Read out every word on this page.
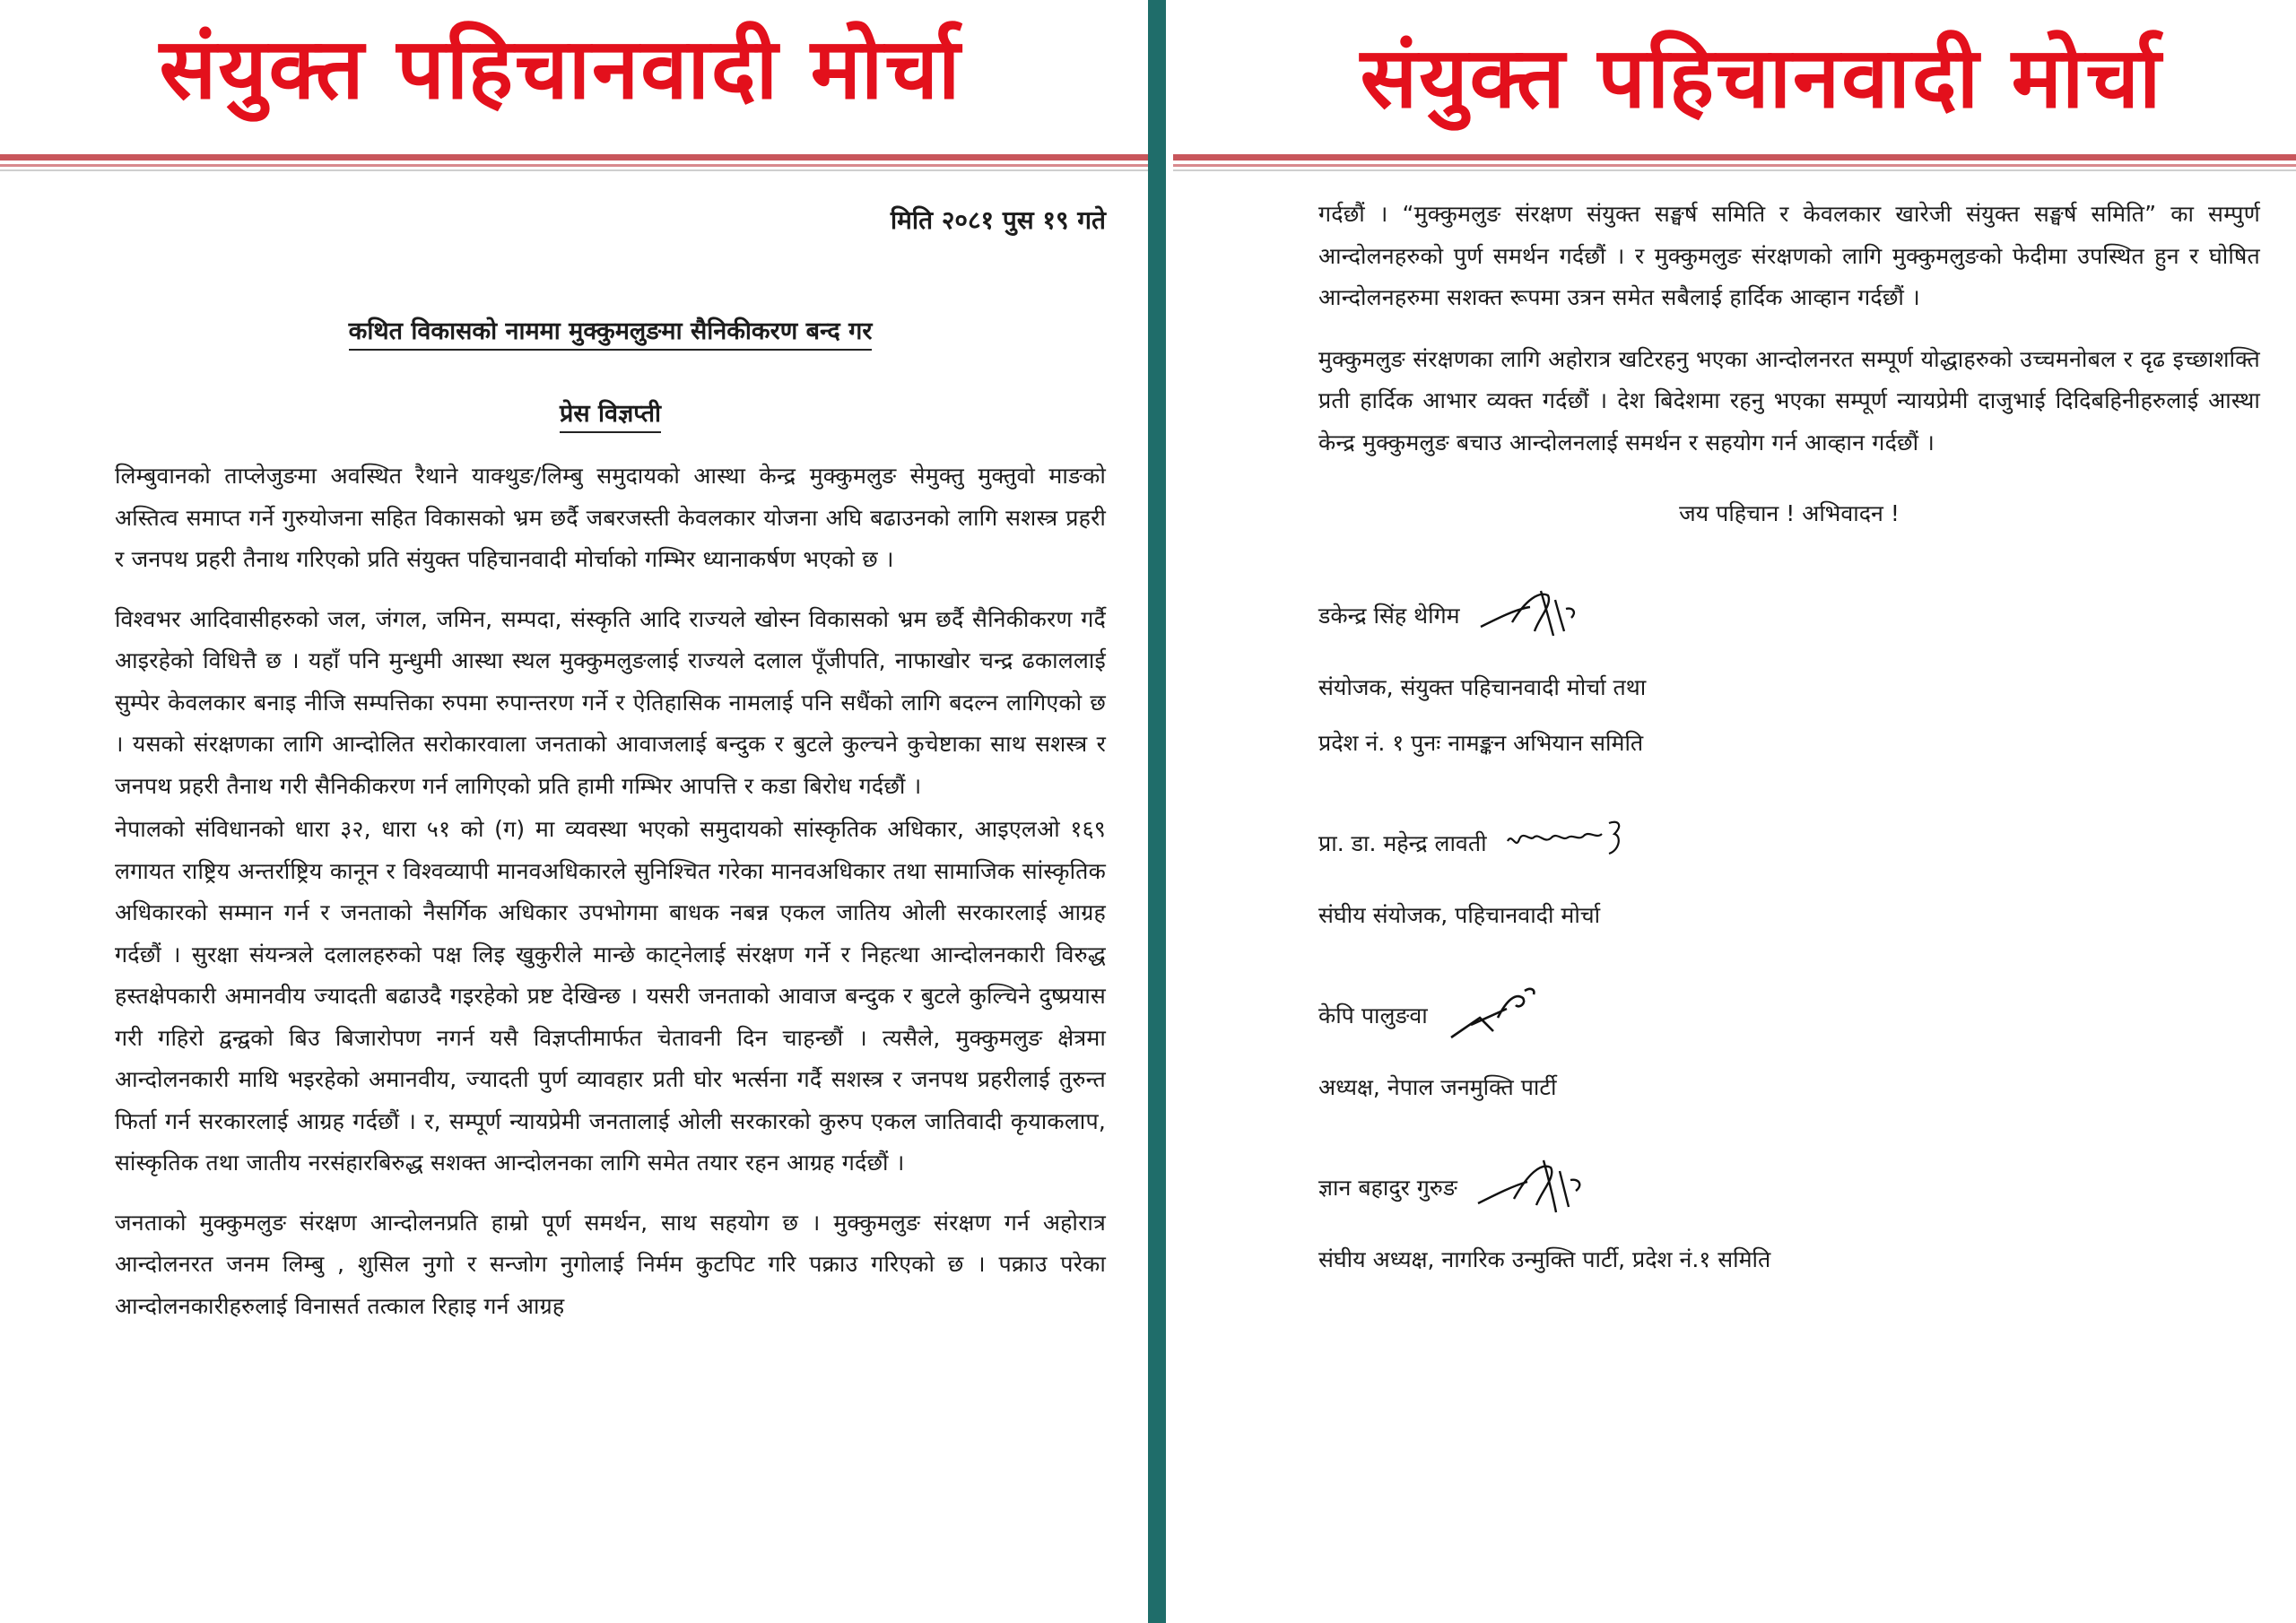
संयुक्त पहिचानवादी मोर्चा
मिति २०८१ पुस १९ गते
कथित विकासको नाममा मुक्कुमलुङमा सैनिकीकरण बन्द गर
प्रेस विज्ञप्ती

लिम्बुवानको ताप्लेजुङमा अवस्थित रैथाने याक्थुङ/लिम्बु समुदायको आस्था केन्द्र मुक्कुमलुङ सेमुक्तु मुक्तुवो माङको अस्तित्व समाप्त गर्ने गुरुयोजना सहित विकासको भ्रम छर्दै जबरजस्ती केवलकार योजना अघि बढाउनको लागि सशस्त्र प्रहरी र जनपथ प्रहरी तैनाथ गरिएको प्रति संयुक्त पहिचानवादी मोर्चाको गम्भिर ध्यानाकर्षण भएको छ ।

विश्वभर आदिवासीहरुको जल, जंगल, जमिन, सम्पदा, संस्कृति आदि राज्यले खोस्न विकासको भ्रम छर्दै सैनिकीकरण गर्दै आइरहेको विधित्तै छ । यहाँ पनि मुन्धुमी आस्था स्थल मुक्कुमलुङलाई राज्यले दलाल पूँजीपति, नाफाखोर चन्द्र ढकाललाई सुम्पेर केवलकार बनाइ नीजि सम्पत्तिका रुपमा रुपान्तरण गर्ने र ऐतिहासिक नामलाई पनि सधैंको लागि बदल्न लागिएको छ । यसको संरक्षणका लागि आन्दोलित सरोकारवाला जनताको आवाजलाई बन्दुक र बुटले कुल्चने कुचेष्टाका साथ सशस्त्र र जनपथ प्रहरी तैनाथ गरी सैनिकीकरण गर्न लागिएको प्रति हामी गम्भिर आपत्ति र कडा बिरोध गर्दछौं ।

नेपालको संविधानको धारा ३२, धारा ५१ को (ग) मा व्यवस्था भएको समुदायको सांस्कृतिक अधिकार, आइएलओ १६९ लगायत राष्ट्रिय अन्तर्राष्ट्रिय कानून र विश्वव्यापी मानवअधिकारले सुनिश्चित गरेका मानवअधिकार तथा सामाजिक सांस्कृतिक अधिकारको सम्मान गर्न र जनताको नैसर्गिक अधिकार उपभोगमा बाधक नबन्न एकल जातिय ओली सरकारलाई आग्रह गर्दछौं । सुरक्षा संयन्त्रले दलालहरुको पक्ष लिइ खुकुरीले मान्छे काट्नेलाई संरक्षण गर्ने र निहत्था आन्दोलनकारी विरुद्ध हस्तक्षेपकारी अमानवीय ज्यादती बढाउदै गइरहेको प्रष्ट देखिन्छ । यसरी जनताको आवाज बन्दुक र बुटले कुल्चिने दुष्प्रयास गरी गहिरो द्वन्द्वको बिउ बिजारोपण नगर्न यसै विज्ञप्तीमार्फत चेतावनी दिन चाहन्छौं । त्यसैले, मुक्कुमलुङ क्षेत्रमा आन्दोलनकारी माथि भइरहेको अमानवीय, ज्यादती पुर्ण व्यावहार प्रती घोर भर्त्सना गर्दै सशस्त्र र जनपथ प्रहरीलाई तुरुन्त फिर्ता गर्न सरकारलाई आग्रह गर्दछौं । र, सम्पूर्ण न्यायप्रेमी जनतालाई ओली सरकारको कुरुप एकल जातिवादी कृयाकलाप, सांस्कृतिक तथा जातीय नरसंहारबिरुद्ध सशक्त आन्दोलनका लागि समेत तयार रहन आग्रह गर्दछौं ।

जनताको मुक्कुमलुङ संरक्षण आन्दोलनप्रति हाम्रो पूर्ण समर्थन, साथ सहयोग छ । मुक्कुमलुङ संरक्षण गर्न अहोरात्र आन्दोलनरत जनम लिम्बु , शुसिल नुगो र सन्जोग नुगोलाई निर्मम कुटपिट गरि पक्राउ गरिएको छ । पक्राउ परेका आन्दोलनकारीहरुलाई विनासर्त तत्काल रिहाइ गर्न आग्रह

संयुक्त पहिचानवादी मोर्चा

गर्दछौं । “मुक्कुमलुङ संरक्षण संयुक्त सङ्घर्ष समिति र केवलकार खारेजी संयुक्त सङ्घर्ष समिति” का सम्पुर्ण आन्दोलनहरुको पुर्ण समर्थन गर्दछौं । र मुक्कुमलुङ संरक्षणको लागि मुक्कुमलुङको फेदीमा उपस्थित हुन र घोषित आन्दोलनहरुमा सशक्त रूपमा उत्रन समेत सबैलाई हार्दिक आव्हान गर्दछौं ।

मुक्कुमलुङ संरक्षणका लागि अहोरात्र खटिरहनु भएका आन्दोलनरत सम्पूर्ण योद्धाहरुको उच्चमनोबल र दृढ इच्छाशक्ति प्रती हार्दिक आभार व्यक्त गर्दछौं । देश बिदेशमा रहनु भएका सम्पूर्ण न्यायप्रेमी दाजुभाई दिदिबहिनीहरुलाई आस्था केन्द्र मुक्कुमलुङ बचाउ आन्दोलनलाई समर्थन र सहयोग गर्न आव्हान गर्दछौं ।

जय पहिचान ! अभिवादन !
डकेन्द्र सिंह थेगिम
संयोजक, संयुक्त पहिचानवादी मोर्चा तथा
प्रदेश नं. १ पुनः नामङ्कन अभियान समिति
प्रा. डा. महेन्द्र लावती
संघीय संयोजक, पहिचानवादी मोर्चा
केपि पालुङवा
अध्यक्ष, नेपाल जनमुक्ति पार्टी
ज्ञान बहादुर गुरुङ
संघीय अध्यक्ष, नागरिक उन्मुक्ति पार्टी, प्रदेश नं.१ समिति
